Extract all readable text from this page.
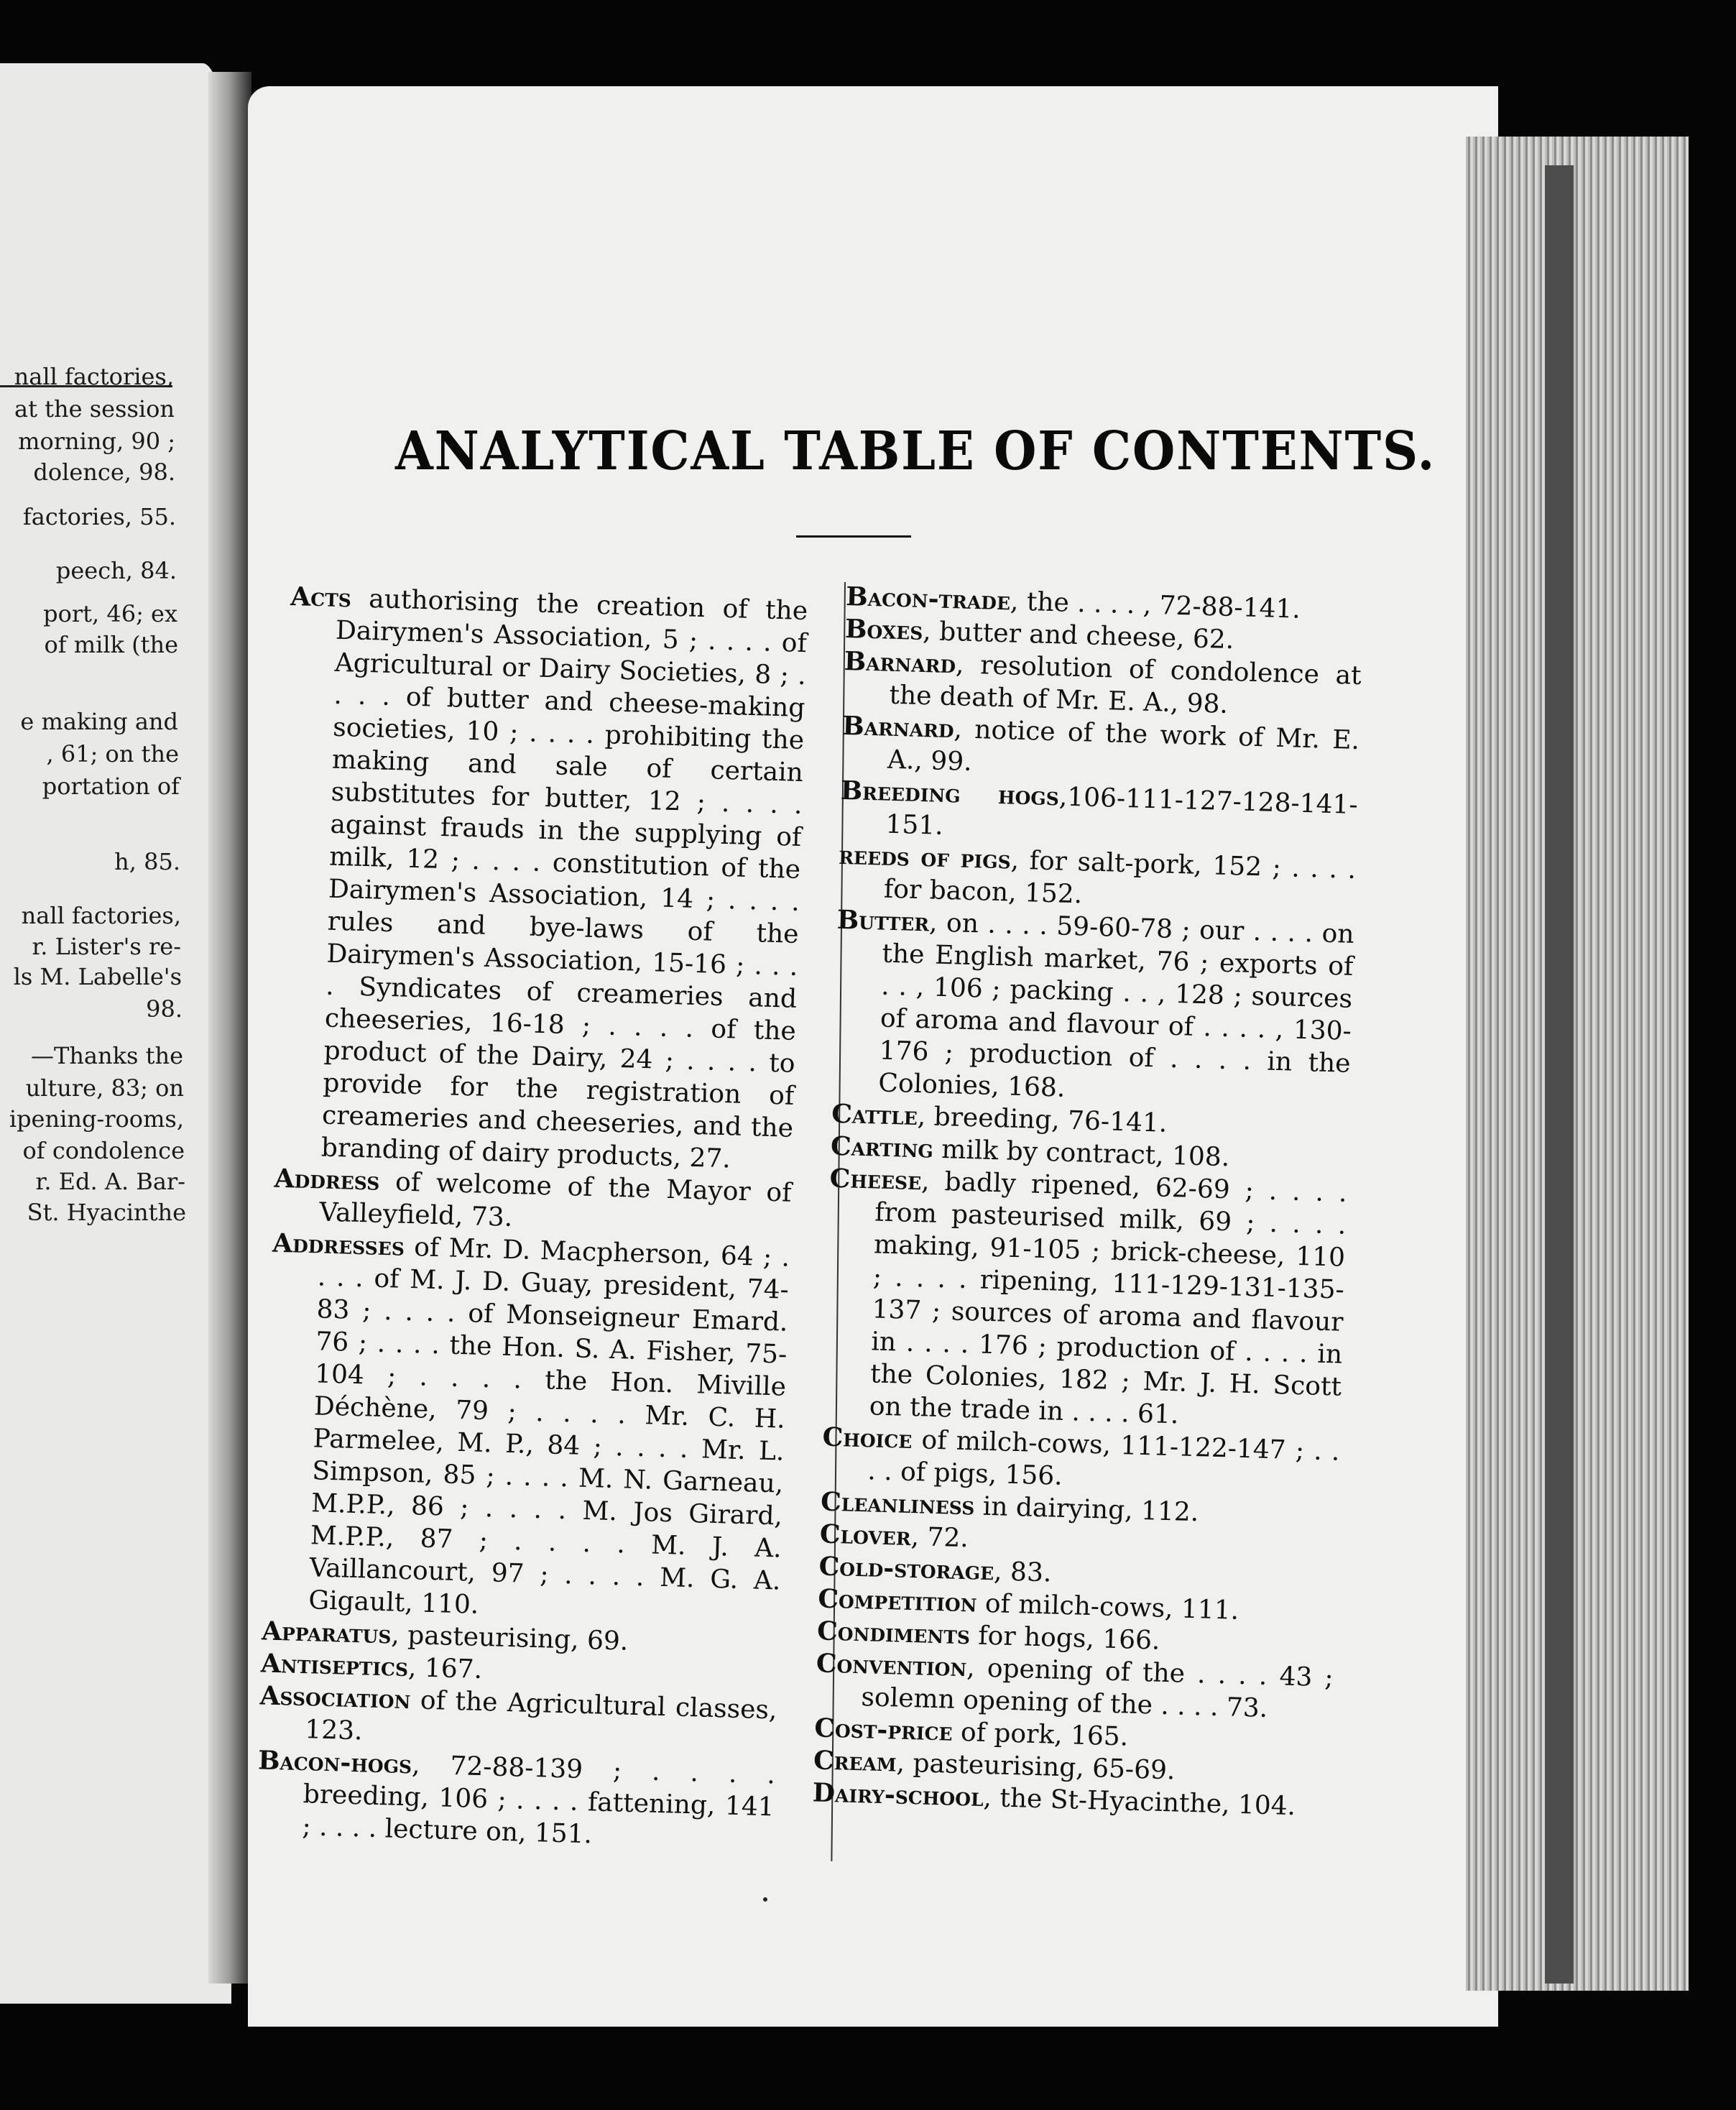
nall factories,
at the session
morning, 90 ;
dolence, 98.
factories, 55.
peech, 84.
port, 46; ex
of milk (the
e making and
, 61; on the
portation of
h, 85.
nall factories,
r. Lister's re-
ls M. Labelle's
98.
—Thanks the
ulture, 83; on
ipening-rooms,
of condolence
r. Ed. A. Bar-
St. Hyacinthe
ANALYTICAL TABLE OF CONTENTS.

Acts authorising the creation of the Dairymen's Association, 5 ; . . . . of Agricultural or Dairy Societies, 8 ; . . . . of butter and cheese-making societies, 10 ; . . . . prohibiting the making and sale of certain substitutes for butter, 12 ; . . . . against frauds in the supplying of milk, 12 ; . . . . constitution of the Dairymen's Association, 14 ; . . . . rules and bye-laws of the Dairymen's Association, 15-16 ; . . . . Syndicates of creameries and cheeseries, 16-18 ; . . . . of the product of the Dairy, 24 ; . . . . to provide for the registration of creameries and cheeseries, and the branding of dairy products, 27.

Address of welcome of the Mayor of Valleyfield, 73.

Addresses of Mr. D. Macpherson, 64 ; . . . . of M. J. D. Guay, president, 74-83 ; . . . . of Monseigneur Emard. 76 ; . . . . the Hon. S. A. Fisher, 75-104 ; . . . . the Hon. Miville Déchène, 79 ; . . . . Mr. C. H. Parmelee, M. P., 84 ; . . . . Mr. L. Simpson, 85 ; . . . . M. N. Garneau, M.P.P., 86 ; . . . . M. Jos Girard, M.P.P., 87 ; . . . . M. J. A. Vaillancourt, 97 ; . . . . M. G. A. Gigault, 110.

Apparatus, pasteurising, 69.

Antiseptics, 167.

Association of the Agricultural classes, 123.

Bacon-hogs, 72-88-139 ; . . . . breeding, 106 ; . . . . fattening, 141 ; . . . . lecture on, 151.

Bacon-trade, the . . . . , 72-88-141.

Boxes, butter and cheese, 62.

Barnard, resolution of condolence at the death of Mr. E. A., 98.

Barnard, notice of the work of Mr. E. A., 99.

Breeding hogs,106-111-127-128-141-151.

reeds of pigs, for salt-pork, 152 ; . . . . for bacon, 152.

Butter, on . . . . 59-60-78 ; our . . . . on the English market, 76 ; exports of . . , 106 ; packing . . , 128 ; sources of aroma and flavour of . . . . , 130-176 ; production of . . . . in the Colonies, 168.

Cattle, breeding, 76-141.

Carting milk by contract, 108.

Cheese, badly ripened, 62-69 ; . . . . from pasteurised milk, 69 ; . . . . making, 91-105 ; brick-cheese, 110 ; . . . . ripening, 111-129-131-135-137 ; sources of aroma and flavour in . . . . 176 ; production of . . . . in the Colonies, 182 ; Mr. J. H. Scott on the trade in . . . . 61.

Choice of milch-cows, 111-122-147 ; . . . . of pigs, 156.

Cleanliness in dairying, 112.

Clover, 72.

Cold-storage, 83.

Competition of milch-cows, 111.

Condiments for hogs, 166.

Convention, opening of the . . . . 43 ; solemn opening of the . . . . 73.

Cost-price of pork, 165.

Cream, pasteurising, 65-69.

Dairy-school, the St-Hyacinthe, 104.
